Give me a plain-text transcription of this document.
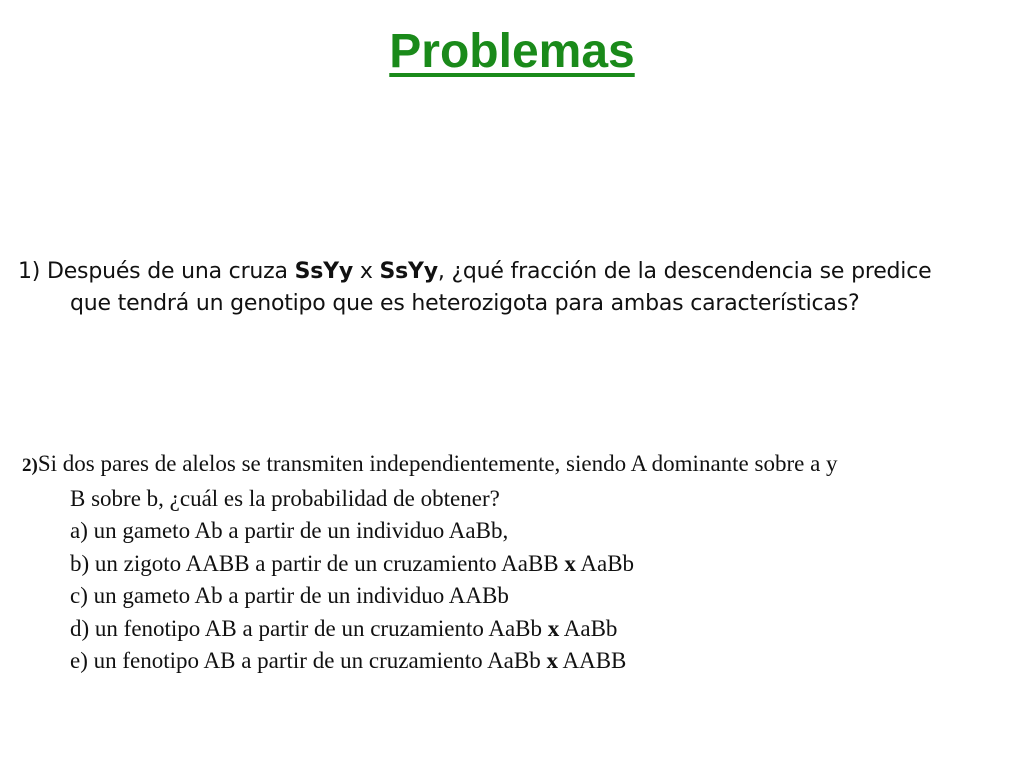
Problemas
1) Después de una cruza SsYy x SsYy, ¿qué fracción de la descendencia se predice
que tendrá un genotipo que es heterozigota para ambas características?
2)Si dos pares de alelos se transmiten independientemente, siendo A dominante sobre a y
B sobre b, ¿cuál es la probabilidad de obtener?
a) un gameto Ab a partir de un individuo AaBb,
b) un zigoto AABB a partir de un cruzamiento AaBB x AaBb
c) un gameto Ab a partir de un individuo AABb
d) un fenotipo AB a partir de un cruzamiento AaBb x AaBb
e) un fenotipo AB a partir de un cruzamiento AaBb x AABB
